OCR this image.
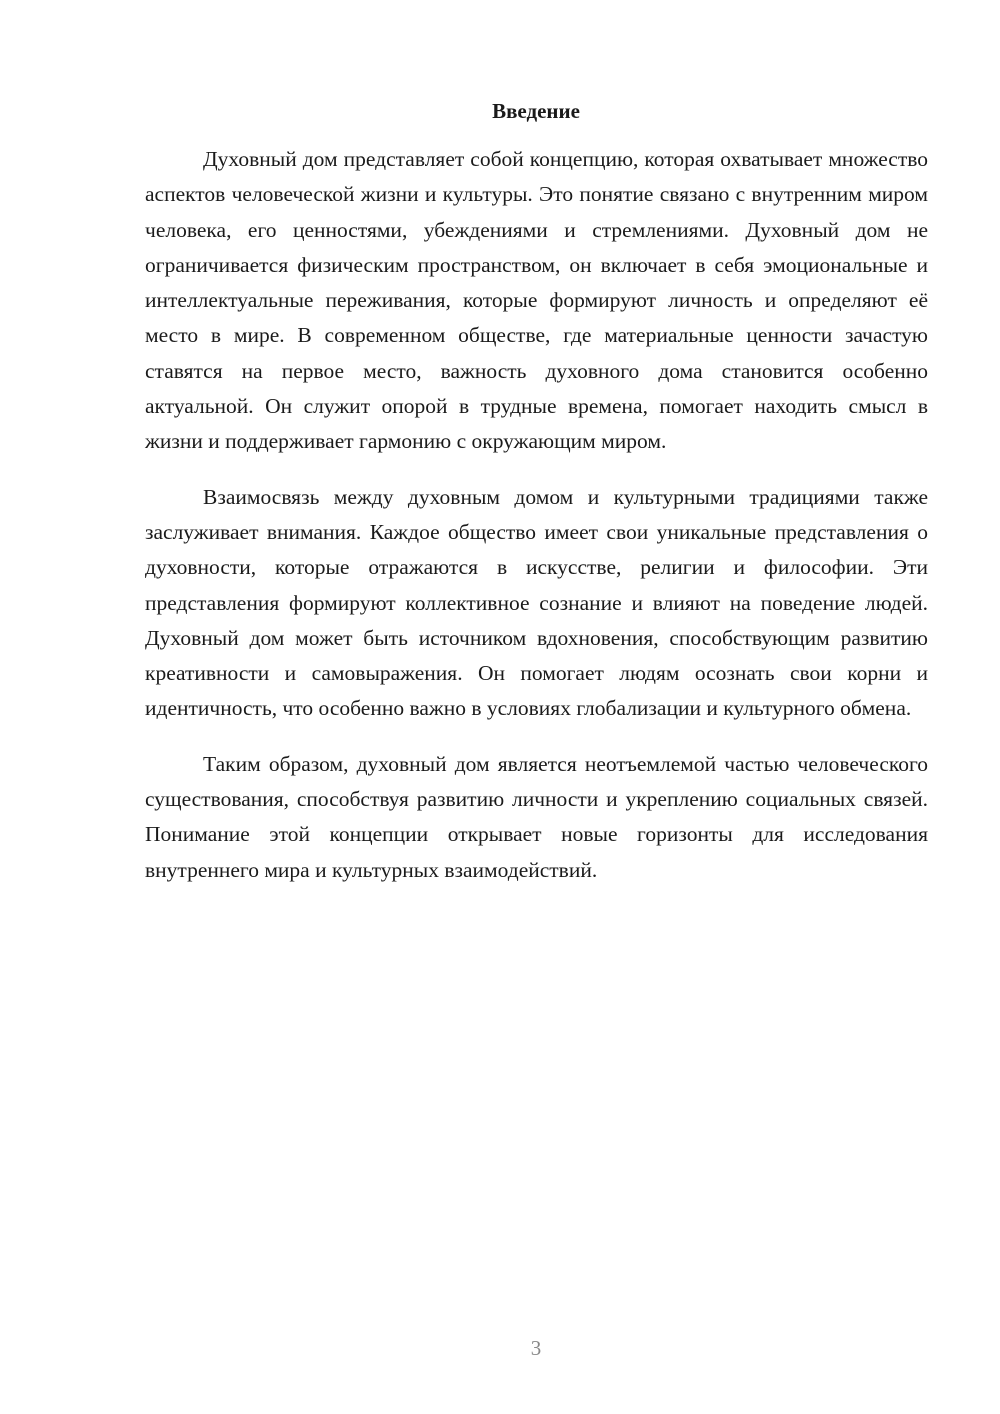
Введение

Духовный дом представляет собой концепцию, которая охватывает множество аспектов человеческой жизни и культуры. Это понятие связано с внутренним миром человека, его ценностями, убеждениями и стремлениями. Духовный дом не ограничивается физическим пространством, он включает в себя эмоциональные и интеллектуальные переживания, которые формируют личность и определяют её место в мире. В современном обществе, где материальные ценности зачастую ставятся на первое место, важность духовного дома становится особенно актуальной. Он служит опорой в трудные времена, помогает находить смысл в жизни и поддерживает гармонию с окружающим миром.

Взаимосвязь между духовным домом и культурными традициями также заслуживает внимания. Каждое общество имеет свои уникальные представления о духовности, которые отражаются в искусстве, религии и философии. Эти представления формируют коллективное сознание и влияют на поведение людей. Духовный дом может быть источником вдохновения, способствующим развитию креативности и самовыражения. Он помогает людям осознать свои корни и идентичность, что особенно важно в условиях глобализации и культурного обмена.

Таким образом, духовный дом является неотъемлемой частью человеческого существования, способствуя развитию личности и укреплению социальных связей. Понимание этой концепции открывает новые горизонты для исследования внутреннего мира и культурных взаимодействий.

3
